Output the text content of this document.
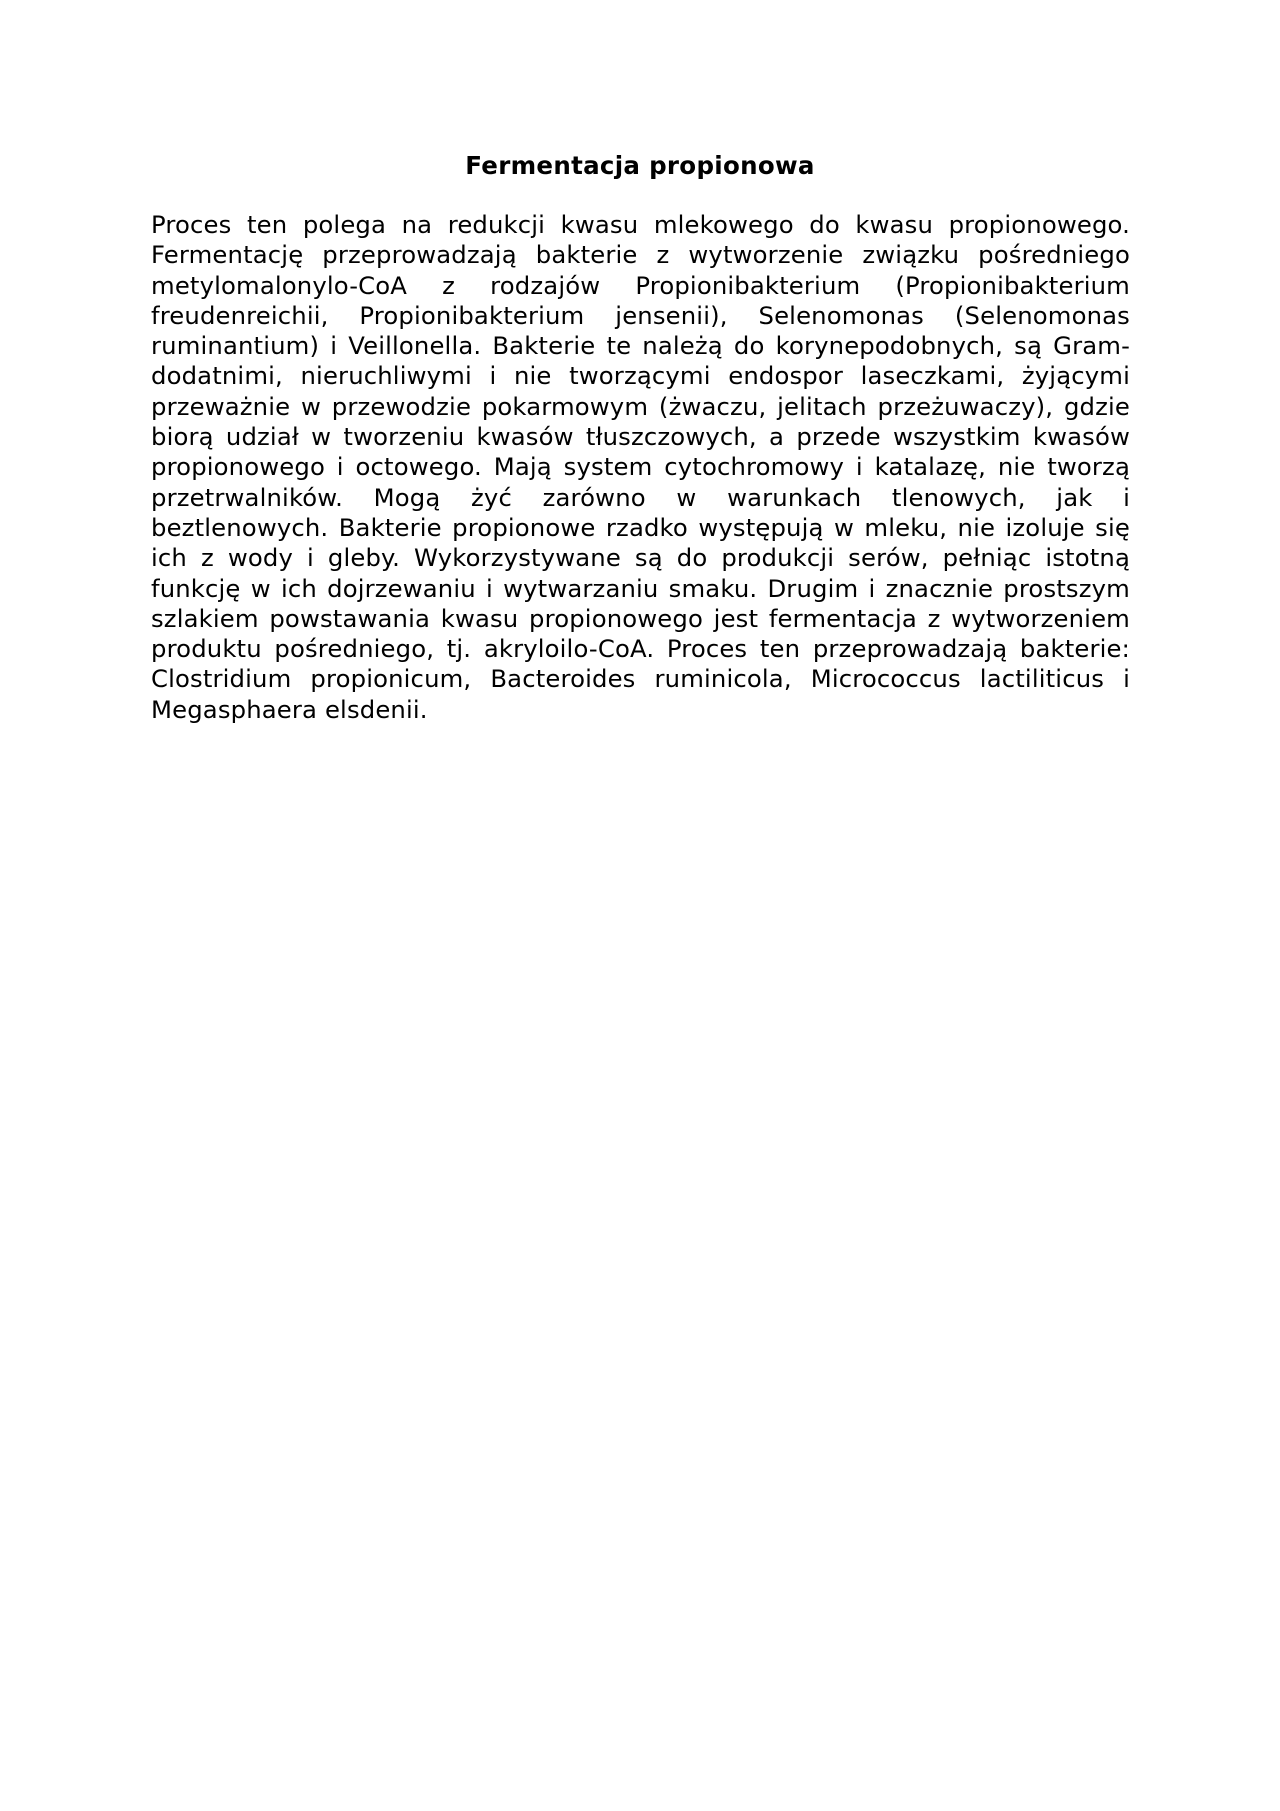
Fermentacja propionowa

Proces ten polega na redukcji kwasu mlekowego do kwasu propionowego. Fermentację przeprowadzają bakterie z wytworzenie związku pośredniego metylomalonylo-CoA z rodzajów Propionibakterium (Propionibakterium freudenreichii, Propionibakterium jensenii), Selenomonas (Selenomonas ruminantium) i Veillonella. Bakterie te należą do korynepodobnych, są Gram-dodatnimi, nieruchliwymi i nie tworzącymi endospor laseczkami, żyjącymi przeważnie w przewodzie pokarmowym (żwaczu, jelitach przeżuwaczy), gdzie biorą udział w tworzeniu kwasów tłuszczowych, a przede wszystkim kwasów propionowego i octowego. Mają system cytochromowy i katalazę, nie tworzą przetrwalników. Mogą żyć zarówno w warunkach tlenowych, jak i beztlenowych. Bakterie propionowe rzadko występują w mleku, nie izoluje się ich z wody i gleby. Wykorzystywane są do produkcji serów, pełniąc istotną funkcję w ich dojrzewaniu i wytwarzaniu smaku. Drugim i znacznie prostszym szlakiem powstawania kwasu propionowego jest fermentacja z wytworzeniem produktu pośredniego, tj. akryloilo-CoA. Proces ten przeprowadzają bakterie: Clostridium propionicum, Bacteroides ruminicola, Micrococcus lactiliticus i Megasphaera elsdenii.
